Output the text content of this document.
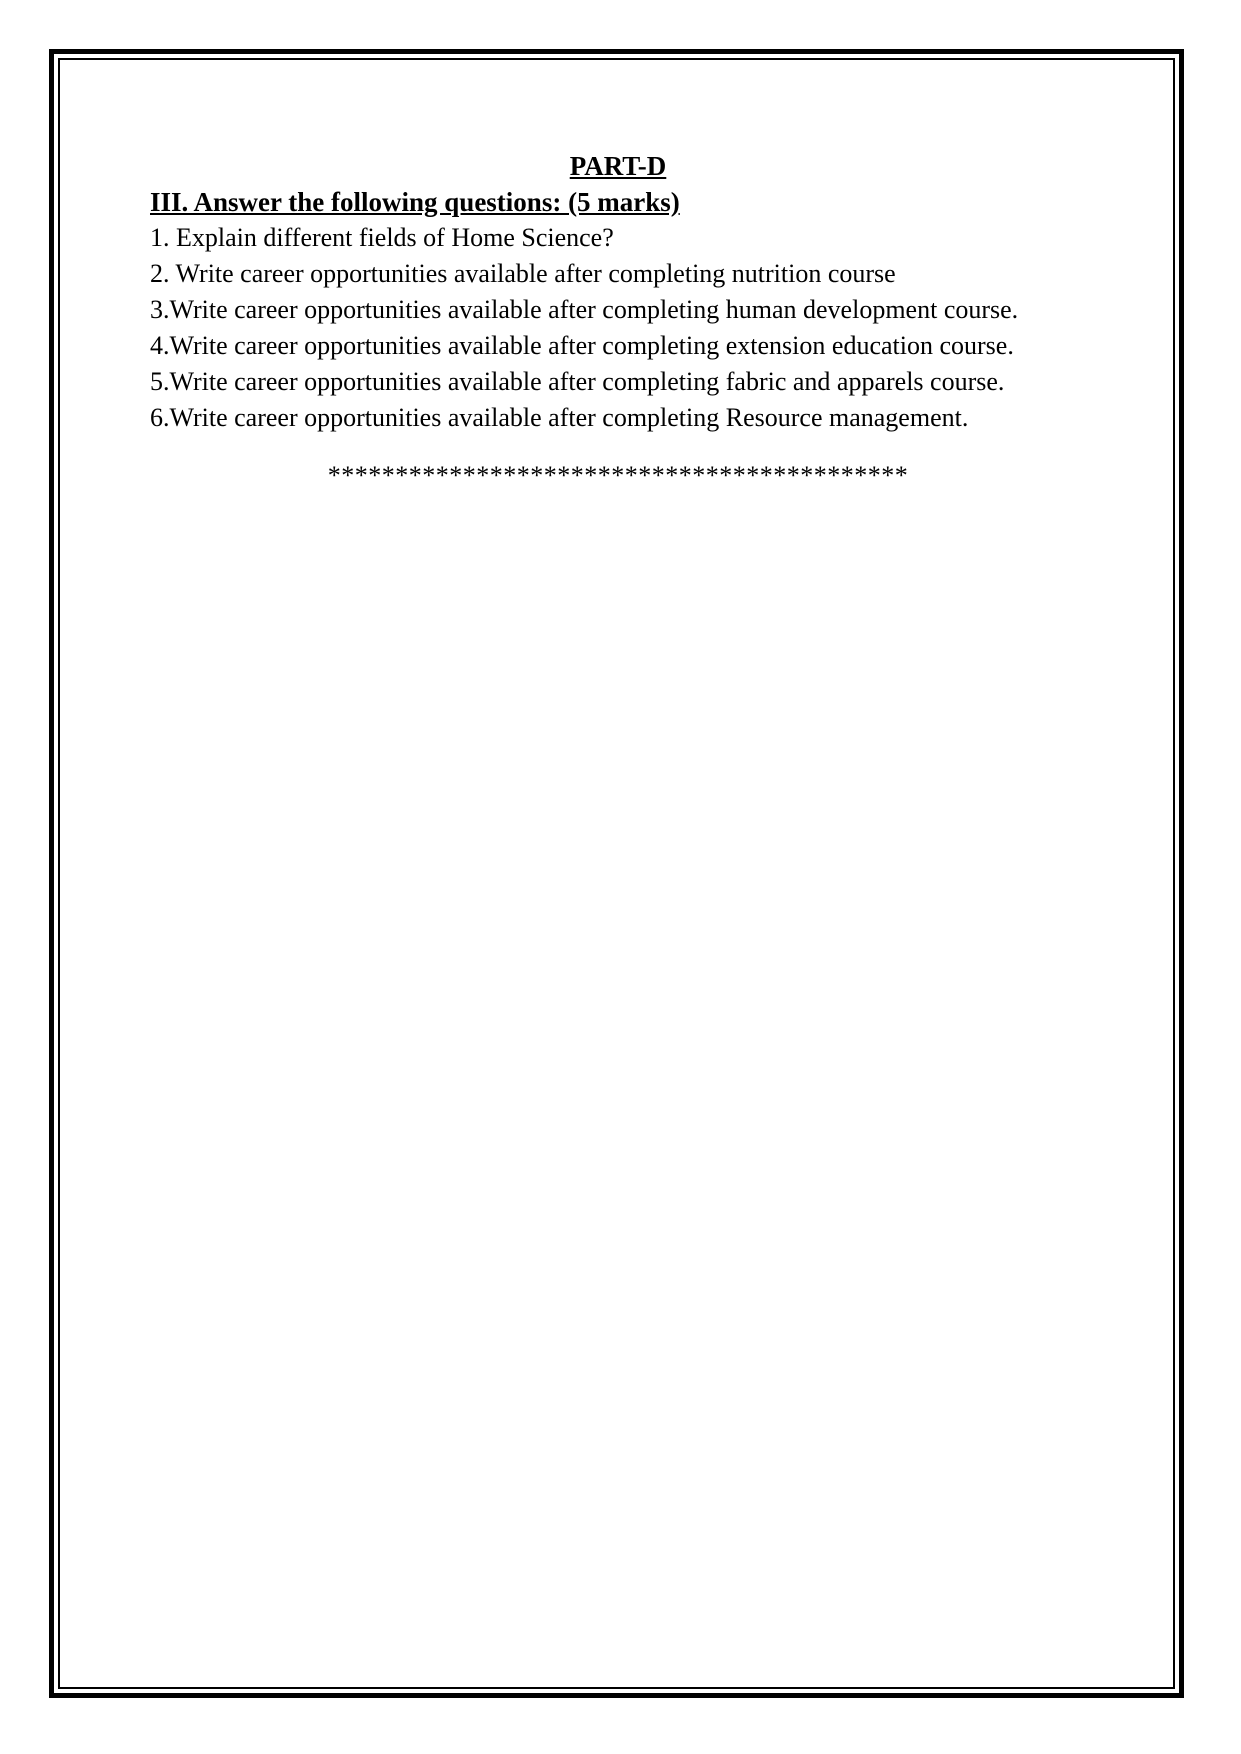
PART-D

III. Answer the following questions: (5 marks)

1. Explain different fields of Home Science?

2. Write career opportunities available after completing nutrition course

3.Write career opportunities available after completing human development course.

4.Write career opportunities available after completing extension education course.

5.Write career opportunities available after completing fabric and apparels course.

6.Write career opportunities available after completing Resource management.

*******************************************
